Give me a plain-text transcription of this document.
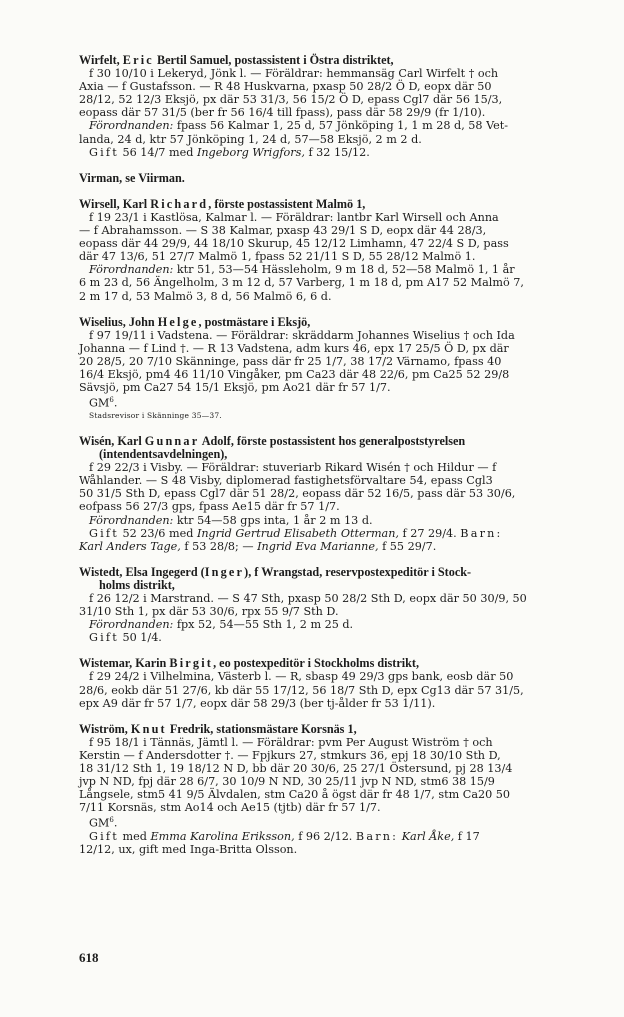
Wirfelt, Eric Bertil Samuel, postassistent i Östra distriktet,
f 30 10/10 i Lekeryd, Jönk l. — Föräldrar: hemmansäg Carl Wirfelt † och
Axia — f Gustafsson. — R 48 Huskvarna, pxasp 50 28/2 Ö D, eopx där 50
28/12, 52 12/3 Eksjö, px där 53 31/3, 56 15/2 Ö D, epass Cgl7 där 56 15/3,
eopass där 57 31/5 (ber fr 56 16/4 till fpass), pass där 58 29/9 (fr 1/10).
Förordnanden: fpass 56 Kalmar 1, 25 d, 57 Jönköping 1, 1 m 28 d, 58 Vet-
landa, 24 d, ktr 57 Jönköping 1, 24 d, 57—58 Eksjö, 2 m 2 d.
Gift 56 14/7 med Ingeborg Wrigfors, f 32 15/12.
Virman, se Viirman.
Wirsell, Karl Richard, förste postassistent Malmö 1,
f 19 23/1 i Kastlösa, Kalmar l. — Föräldrar: lantbr Karl Wirsell och Anna
— f Abrahamsson. — S 38 Kalmar, pxasp 43 29/1 S D, eopx där 44 28/3,
eopass där 44 29/9, 44 18/10 Skurup, 45 12/12 Limhamn, 47 22/4 S D, pass
där 47 13/6, 51 27/7 Malmö 1, fpass 52 21/11 S D, 55 28/12 Malmö 1.
Förordnanden: ktr 51, 53—54 Hässleholm, 9 m 18 d, 52—58 Malmö 1, 1 år
6 m 23 d, 56 Ängelholm, 3 m 12 d, 57 Varberg, 1 m 18 d, pm A17 52 Malmö 7,
2 m 17 d, 53 Malmö 3, 8 d, 56 Malmö 6, 6 d.
Wiselius, John Helge, postmästare i Eksjö,
f 97 19/11 i Vadstena. — Föräldrar: skräddarm Johannes Wiselius † och Ida
Johanna — f Lind †. — R 13 Vadstena, adm kurs 46, epx 17 25/5 Ö D, px där
20 28/5, 20 7/10 Skänninge, pass där fr 25 1/7, 38 17/2 Värnamo, fpass 40
16/4 Eksjö, pm4 46 11/10 Vingåker, pm Ca23 där 48 22/6, pm Ca25 52 29/8
Sävsjö, pm Ca27 54 15/1 Eksjö, pm Ao21 där fr 57 1/7.
$GM^6$.
Stadsrevisor i Skänninge 35—37.
Wisén, Karl Gunnar Adolf, förste postassistent hos generalpoststyrelsen
(intendentsavdelningen),
f 29 22/3 i Visby. — Föräldrar: stuveriarb Rikard Wisén † och Hildur — f
Wåhlander. — S 48 Visby, diplomerad fastighetsförvaltare 54, epass Cgl3
50 31/5 Sth D, epass Cgl7 där 51 28/2, eopass där 52 16/5, pass där 53 30/6,
eofpass 56 27/3 gps, fpass Ae15 där fr 57 1/7.
Förordnanden: ktr 54—58 gps inta, 1 år 2 m 13 d.
Gift 52 23/6 med Ingrid Gertrud Elisabeth Otterman, f 27 29/4. Barn:
Karl Anders Tage, f 53 28/8; — Ingrid Eva Marianne, f 55 29/7.
Wistedt, Elsa Ingegerd (Inger), f Wrangstad, reservpostexpeditör i Stock-
holms distrikt,
f 26 12/2 i Marstrand. — S 47 Sth, pxasp 50 28/2 Sth D, eopx där 50 30/9, 50
31/10 Sth 1, px där 53 30/6, rpx 55 9/7 Sth D.
Förordnanden: fpx 52, 54—55 Sth 1, 2 m 25 d.
Gift 50 1/4.
Wistemar, Karin Birgit, eo postexpeditör i Stockholms distrikt,
f 29 24/2 i Vilhelmina, Västerb l. — R, sbasp 49 29/3 gps bank, eosb där 50
28/6, eokb där 51 27/6, kb där 55 17/12, 56 18/7 Sth D, epx Cg13 där 57 31/5,
epx A9 där fr 57 1/7, eopx där 58 29/3 (ber tj-ålder fr 53 1/11).
Wiström, Knut Fredrik, stationsmästare Korsnäs 1,
f 95 18/1 i Tännäs, Jämtl l. — Föräldrar: pvm Per August Wiström † och
Kerstin — f Andersdotter †. — Fpjkurs 27, stmkurs 36, epj 18 30/10 Sth D,
18 31/12 Sth 1, 19 18/12 N D, bb där 20 30/6, 25 27/1 Östersund, pj 28 13/4
jvp N ND, fpj där 28 6/7, 30 10/9 N ND, 30 25/11 jvp N ND, stm6 38 15/9
Långsele, stm5 41 9/5 Älvdalen, stm Ca20 å ögst där fr 48 1/7, stm Ca20 50
7/11 Korsnäs, stm Ao14 och Ae15 (tjtb) där fr 57 1/7.
$GM^6$.
Gift med Emma Karolina Eriksson, f 96 2/12. Barn: Karl Åke, f 17
12/12, ux, gift med Inga-Britta Olsson.
618
